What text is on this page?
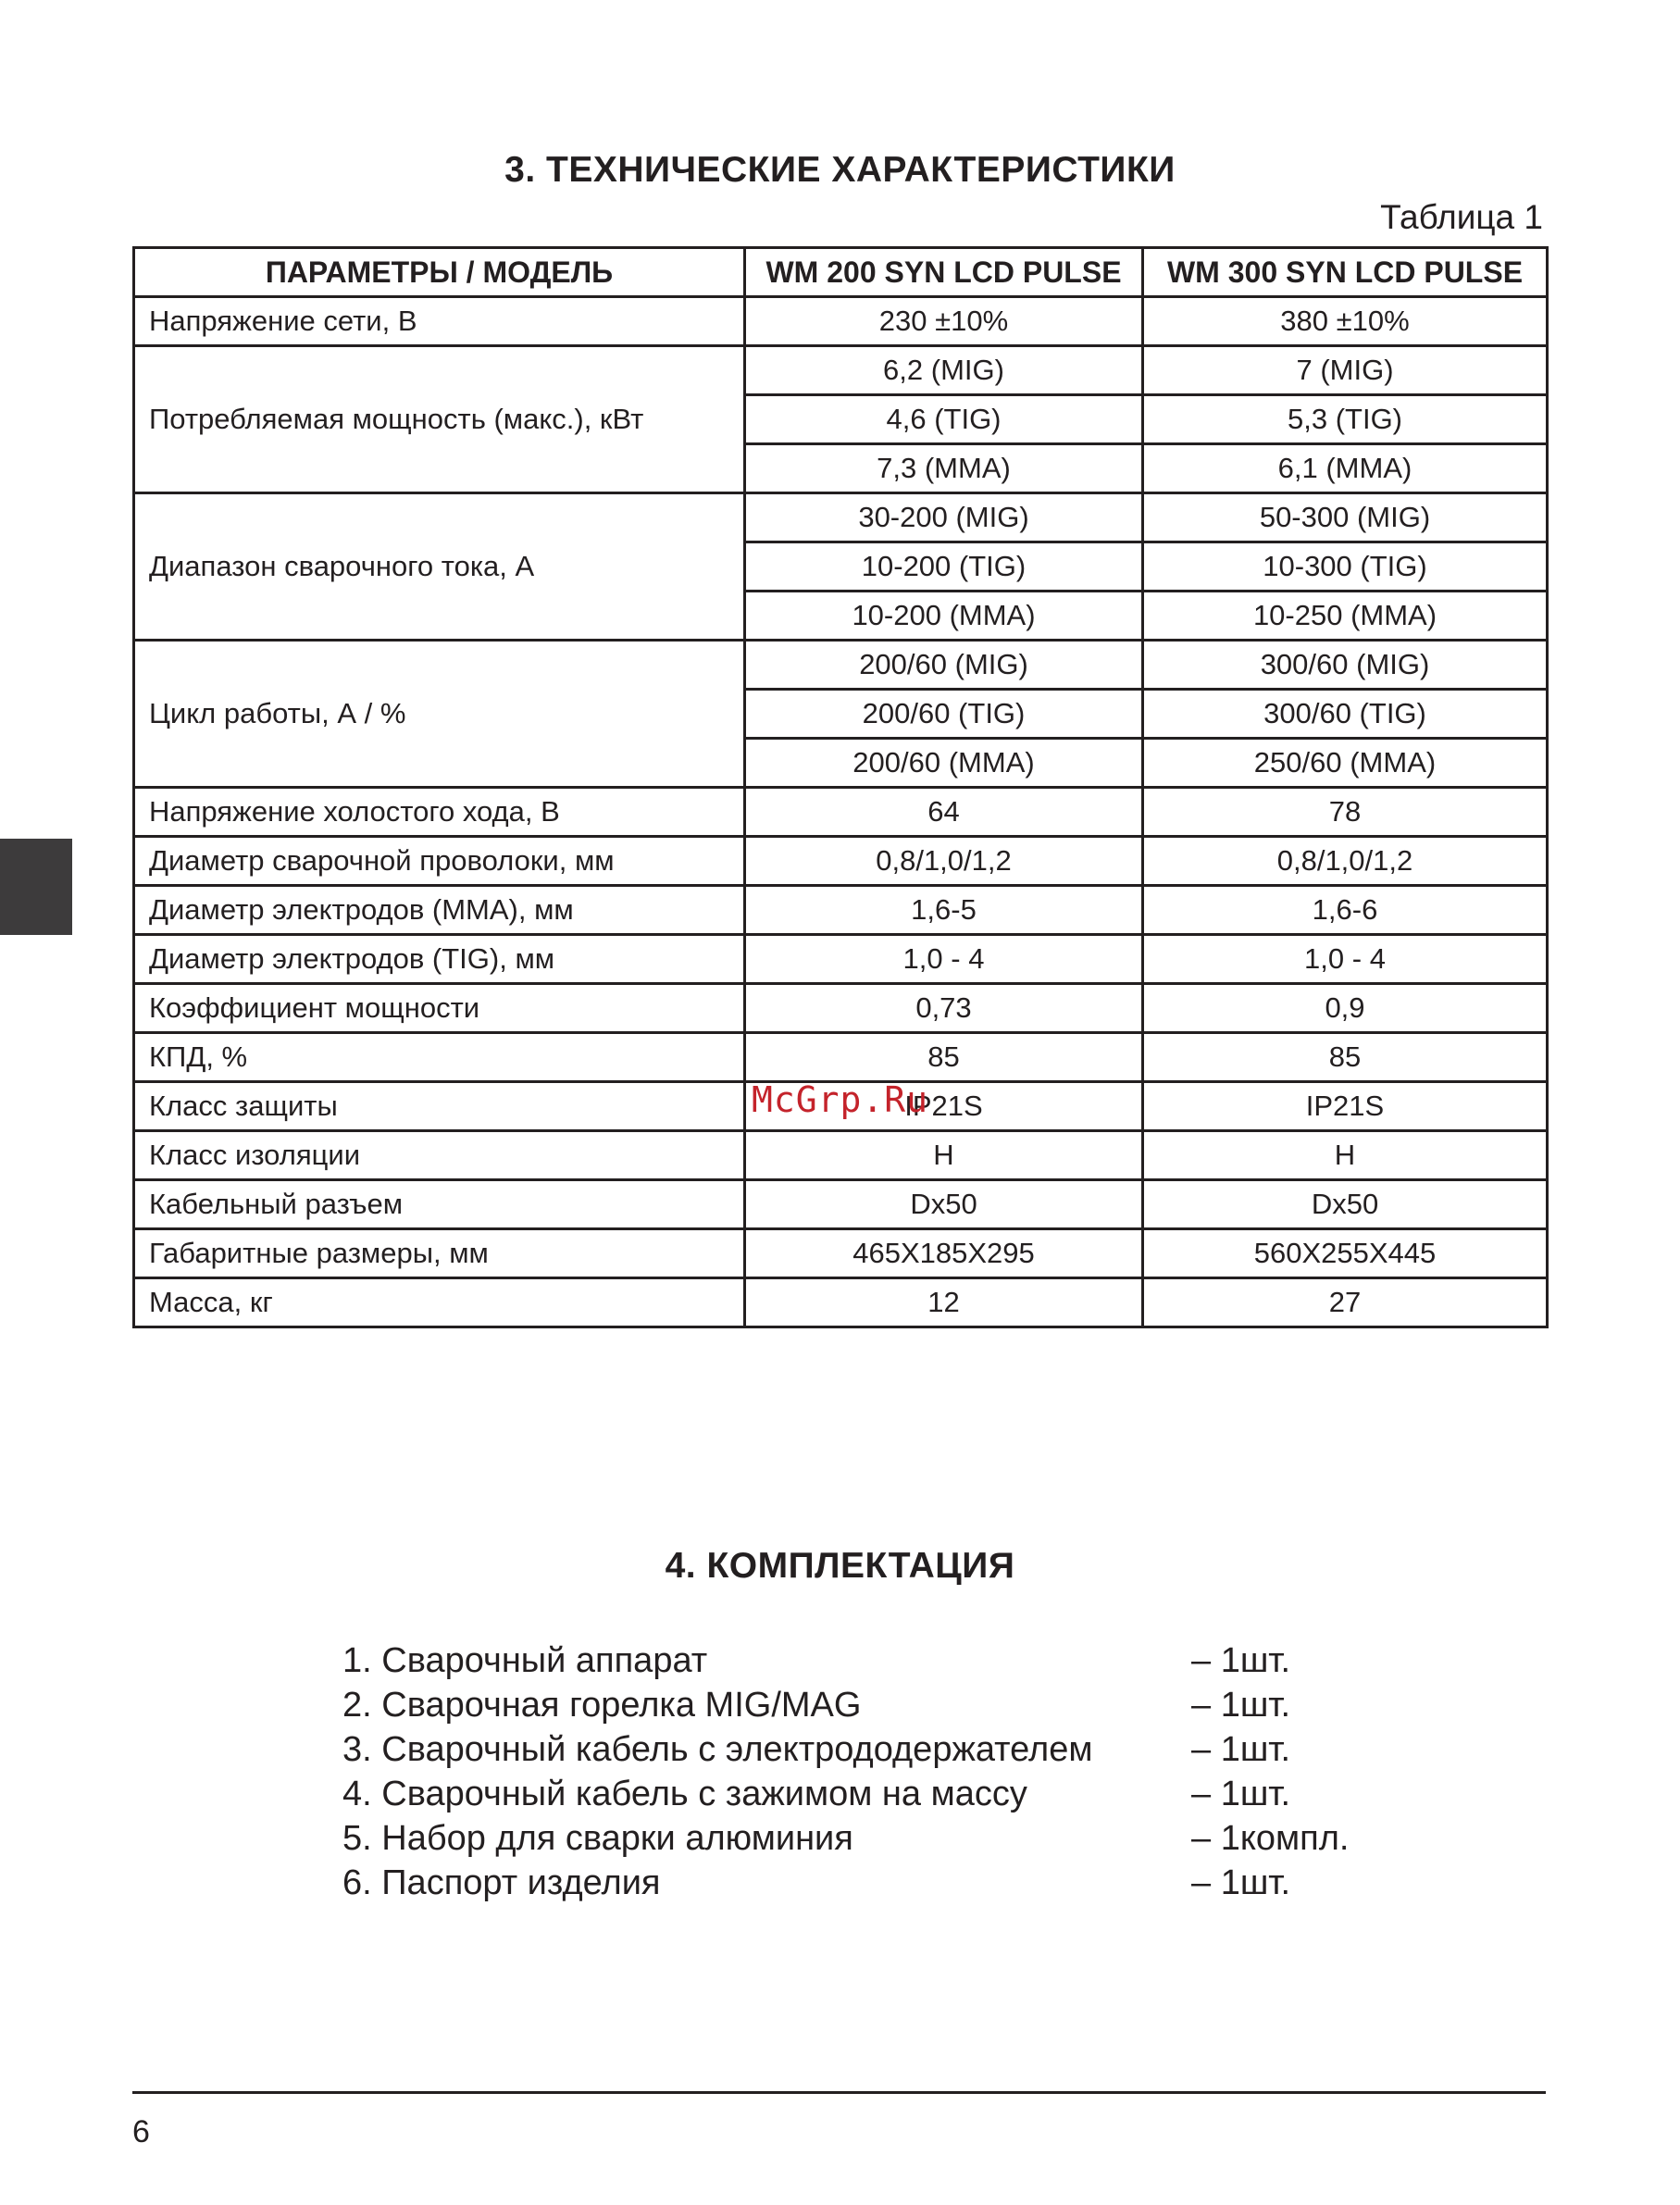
3. ТЕХНИЧЕСКИЕ ХАРАКТЕРИСТИКИ
Таблица 1
ПАРАМЕТРЫ / МОДЕЛЬ	WM 200 SYN LCD PULSE	WM 300 SYN LCD PULSE
Напряжение сети, В	230 ±10%	380 ±10%
Потребляемая мощность (макс.), кВт	6,2 (MIG)	7 (MIG)
	4,6 (TIG)	5,3 (TIG)
	7,3 (MMA)	6,1 (MMA)
Диапазон сварочного тока, А	30-200 (MIG)	50-300 (MIG)
	10-200 (TIG)	10-300 (TIG)
	10-200 (MMA)	10-250 (MMA)
Цикл работы, А / %	200/60 (MIG)	300/60 (MIG)
	200/60 (TIG)	300/60 (TIG)
	200/60 (MMA)	250/60 (MMA)
Напряжение холостого хода, В	64	78
Диаметр сварочной проволоки, мм	0,8/1,0/1,2	0,8/1,0/1,2
Диаметр электродов (MMA), мм	1,6-5	1,6-6
Диаметр электродов (TIG), мм	1,0 - 4	1,0 - 4
Коэффициент мощности	0,73	0,9
КПД, %	85	85
Класс защиты	IP21S	IP21S
Класс изоляции	H	H
Кабельный разъем	Dx50	Dx50
Габаритные размеры, мм	465X185X295	560X255X445
Масса, кг	12	27
McGrp.Ru
4. КОМПЛЕКТАЦИЯ
1. Сварочный аппарат	– 1шт.
2. Сварочная горелка MIG/MAG	– 1шт.
3. Сварочный кабель с электрододержателем	– 1шт.
4. Сварочный кабель с зажимом на массу	– 1шт.
5. Набор для сварки алюминия	– 1компл.
6. Паспорт изделия	– 1шт.
6
